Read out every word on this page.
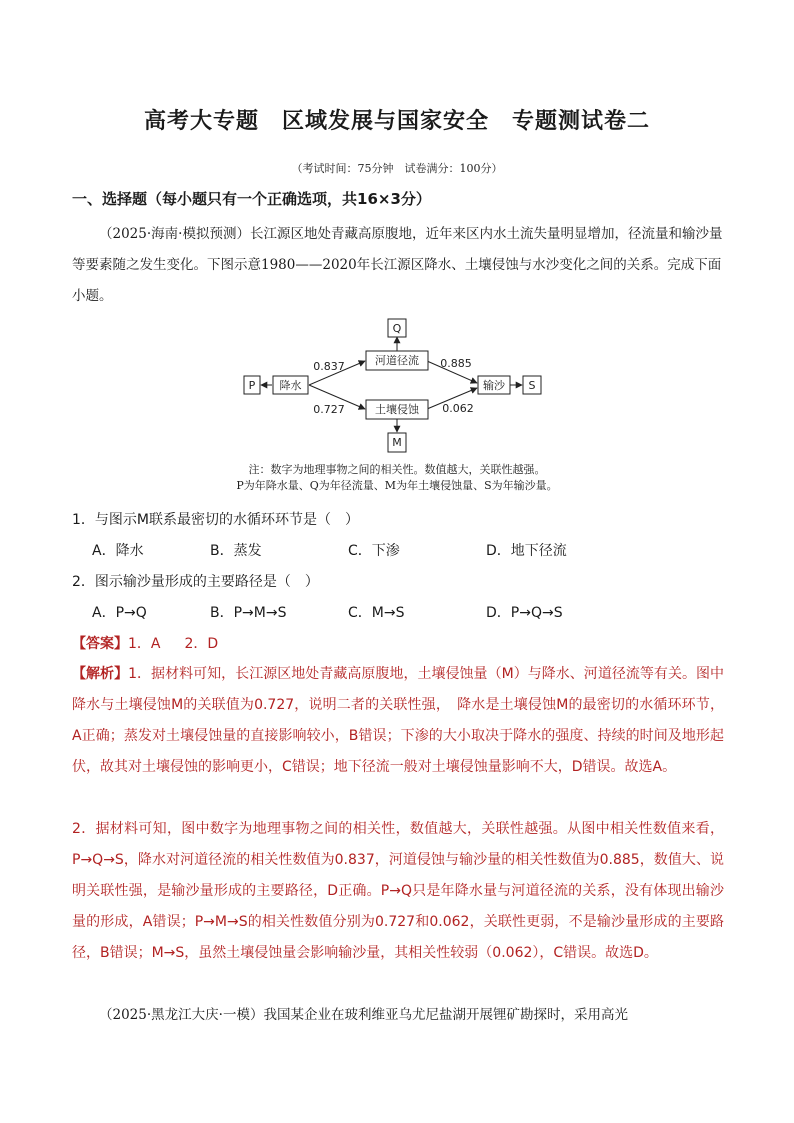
高考大专题　区域发展与国家安全　专题测试卷二
（考试时间：75分钟　试卷满分：100分）
一、选择题（每小题只有一个正确选项，共16×3分）

（2025·海南·模拟预测）长江源区地处青藏高原腹地，近年来区内水土流失量明显增加，径流量和输沙量等要素随之发生变化。下图示意1980——2020年长江源区降水、土壤侵蚀与水沙变化之间的关系。完成下面小题。

P 降水
河道径流
土壤侵蚀
输沙 S
Q
M
0.837	0.885
0.727	0.062
注：数字为地理事物之间的相关性。数值越大，关联性越强。
P为年降水量、Q为年径流量、M为年土壤侵蚀量、S为年输沙量。
1．与图示M联系最密切的水循环环节是（　）
A．降水	B．蒸发	C．下渗	D．地下径流
2．图示输沙量形成的主要路径是（　）
A．P→Q	B．P→M→S	C．M→S	D．P→Q→S
【答案】1．A 2．D

【解析】1．据材料可知，长江源区地处青藏高原腹地，土壤侵蚀量（M）与降水、河道径流等有关。图中降水与土壤侵蚀M的关联值为0.727，说明二者的关联性强，　降水是土壤侵蚀M的最密切的水循环环节，A正确；蒸发对土壤侵蚀量的直接影响较小，B错误；下渗的大小取决于降水的强度、持续的时间及地形起伏，故其对土壤侵蚀的影响更小，C错误；地下径流一般对土壤侵蚀量影响不大，D错误。故选A。

2．据材料可知，图中数字为地理事物之间的相关性，数值越大，关联性越强。从图中相关性数值来看，P→Q→S，降水对河道径流的相关性数值为0.837，河道侵蚀与输沙量的相关性数值为0.885，数值大、说明关联性强，是输沙量形成的主要路径，D正确。P→Q只是年降水量与河道径流的关系，没有体现出输沙量的形成，A错误；P→M→S的相关性数值分别为0.727和0.062，关联性更弱，不是输沙量形成的主要路径，B错误；M→S，虽然土壤侵蚀量会影响输沙量，其相关性较弱（0.062），C错误。故选D。

（2025·黑龙江大庆·一模）我国某企业在玻利维亚乌尤尼盐湖开展锂矿勘探时，采用高光
